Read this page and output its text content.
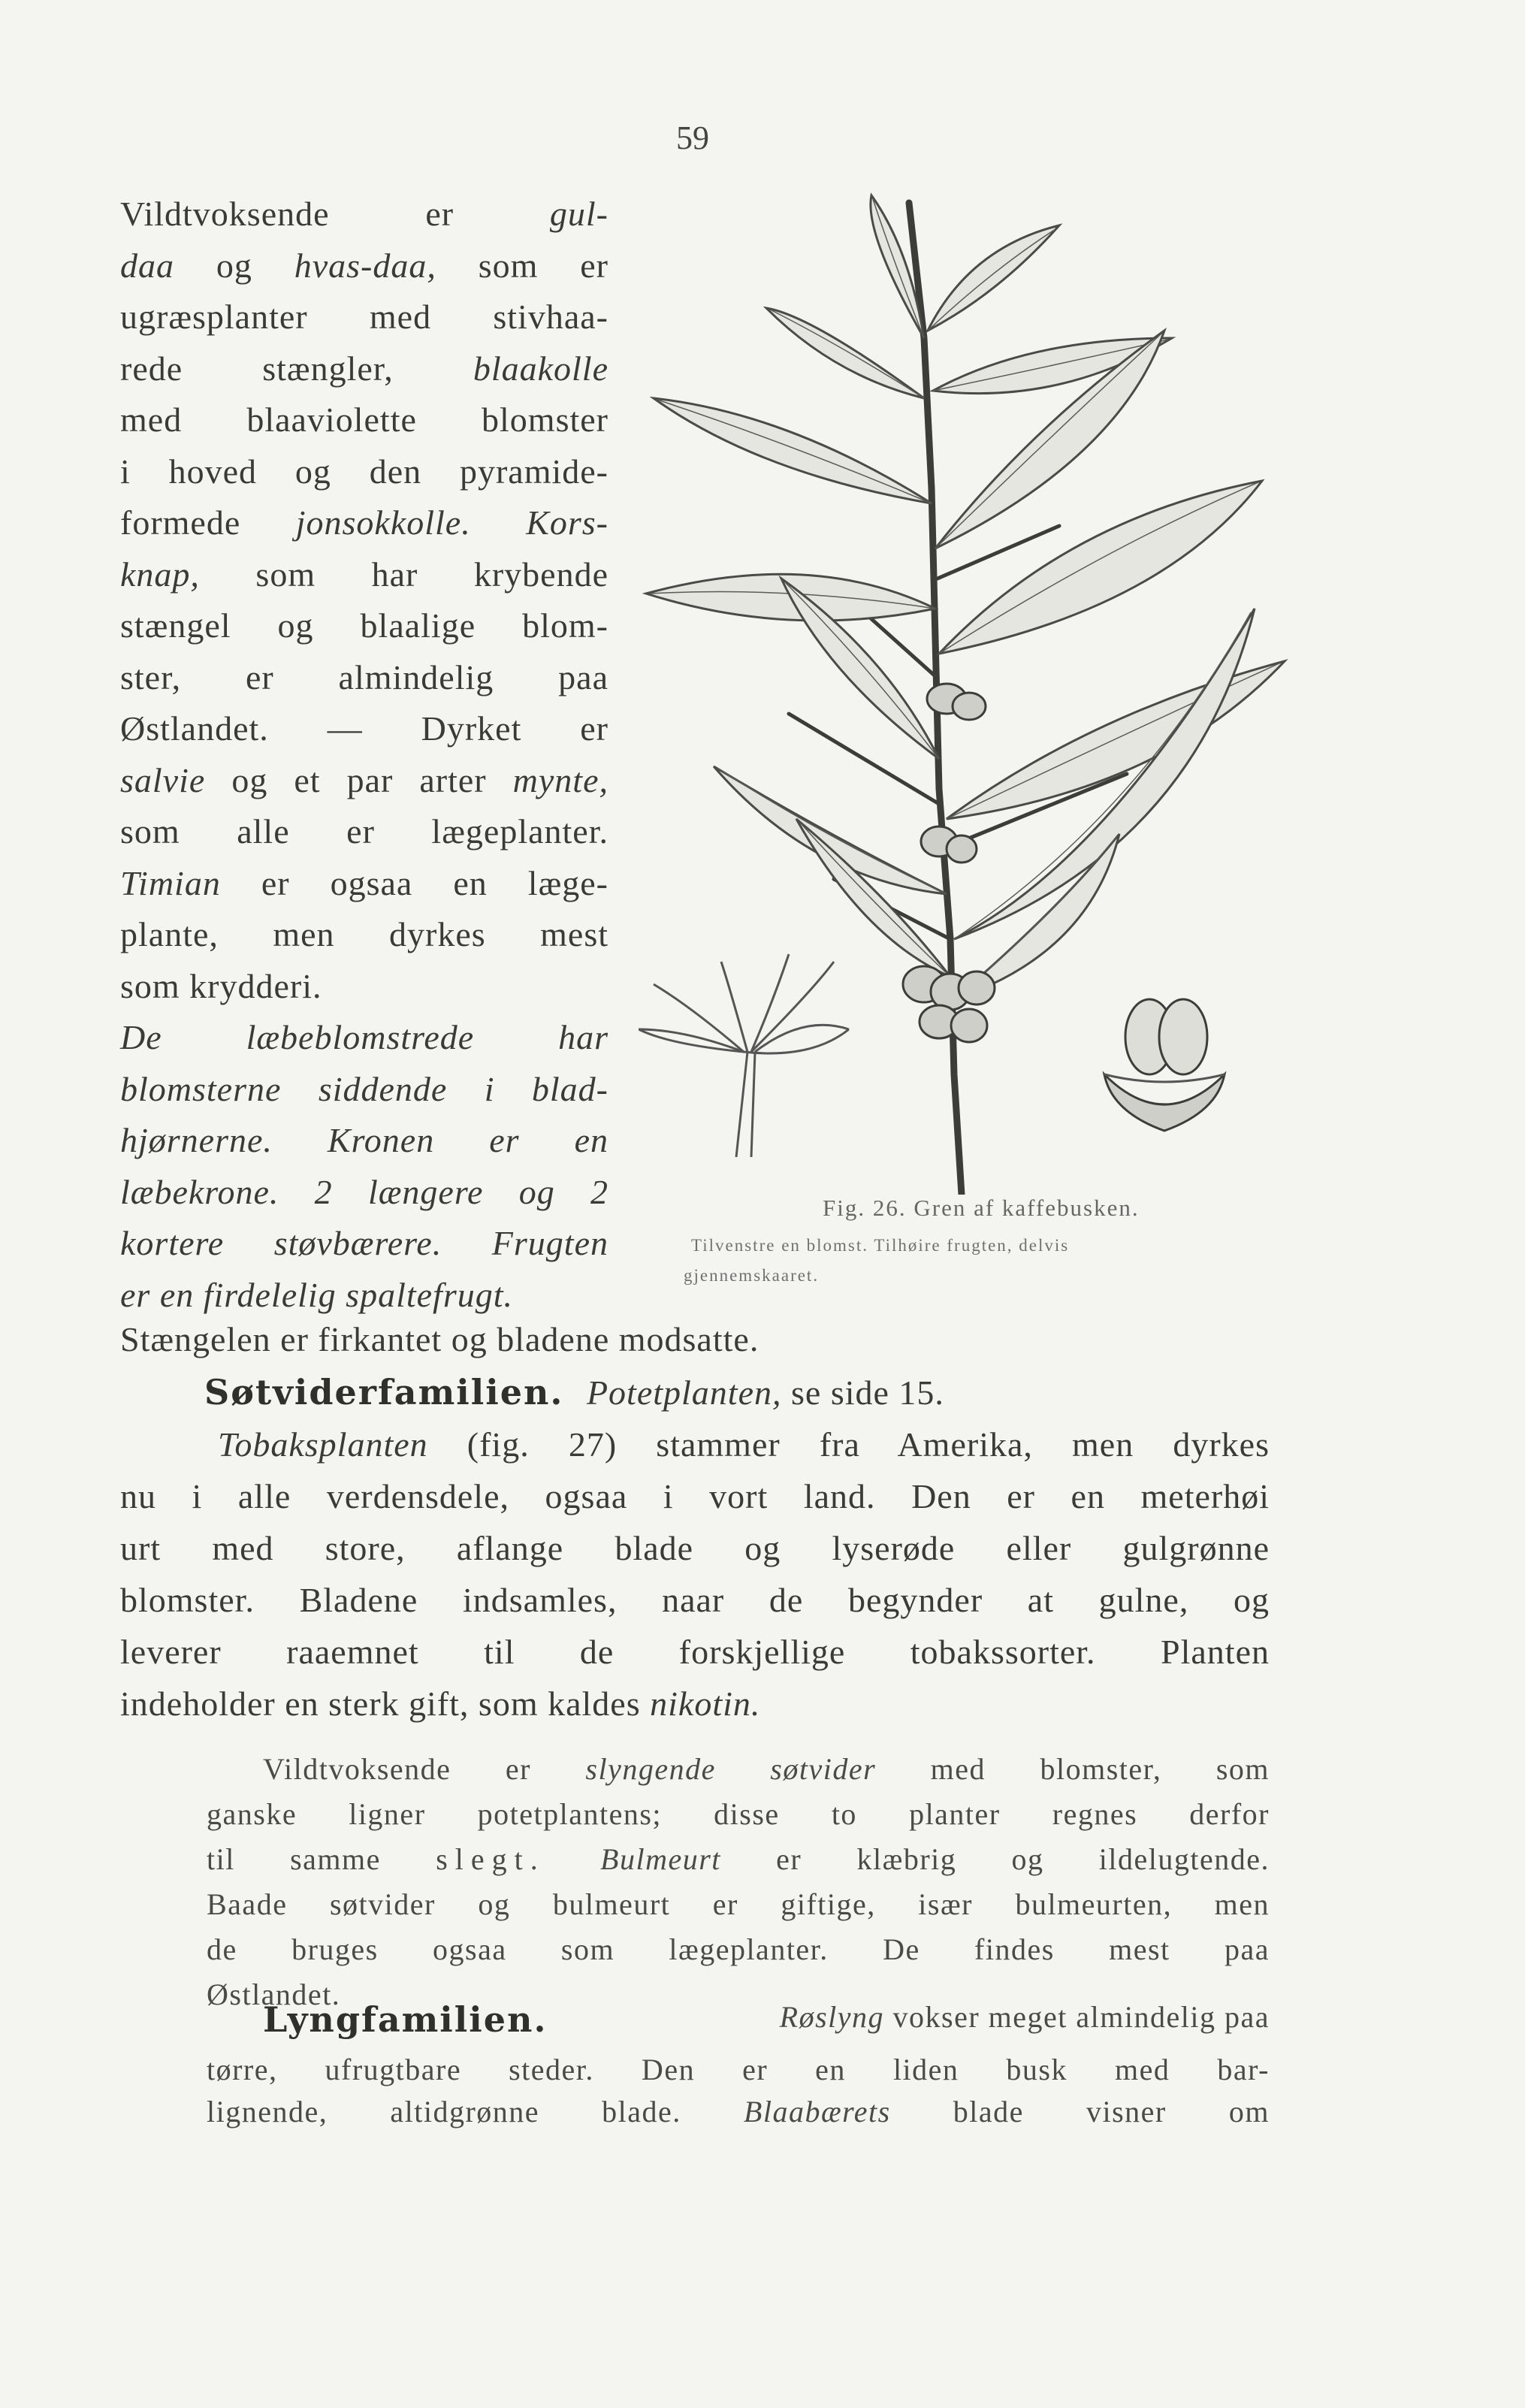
59
Vildtvoksende er gul-
daa og hvas-daa, som er
ugræsplanter med stivhaa-
rede stængler, blaakolle
med blaaviolette blomster
i hoved og den pyramide-
formede jonsokkolle. Kors-
knap, som har krybende
stængel og blaalige blom-
ster, er almindelig paa
Østlandet. — Dyrket er
salvie og et par arter mynte,
som alle er lægeplanter.
Timian er ogsaa en læge-
plante, men dyrkes mest
som krydderi.
De læbeblomstrede har
blomsterne siddende i blad-
hjørnerne. Kronen er en
læbekrone. 2 længere og 2
kortere støvbærere. Frugten
er en firdelelig spaltefrugt.
Fig. 26. Gren af kaffebusken.
Tilvenstre en blomst. Tilhøire frugten, delvis
gjennemskaaret.
Stængelen er firkantet og bladene modsatte.
Søtviderfamilien. Potetplanten, se side 15.
Tobaksplanten (fig. 27) stammer fra Amerika, men dyrkes
nu i alle verdensdele, ogsaa i vort land. Den er en meterhøi
urt med store, aflange blade og lyserøde eller gulgrønne
blomster. Bladene indsamles, naar de begynder at gulne, og
leverer raaemnet til de forskjellige tobakssorter. Planten
indeholder en sterk gift, som kaldes nikotin.
Vildtvoksende er slyngende søtvider med blomster, som
ganske ligner potetplantens; disse to planter regnes derfor
til samme slegt. Bulmeurt er klæbrig og ildelugtende.
Baade søtvider og bulmeurt er giftige, især bulmeurten, men
de bruges ogsaa som lægeplanter. De findes mest paa
Østlandet.
Lyngfamilien.	Røslyng vokser meget almindelig paa
tørre, ufrugtbare steder. Den er en liden busk med bar-
lignende, altidgrønne blade. Blaabærets blade visner om
